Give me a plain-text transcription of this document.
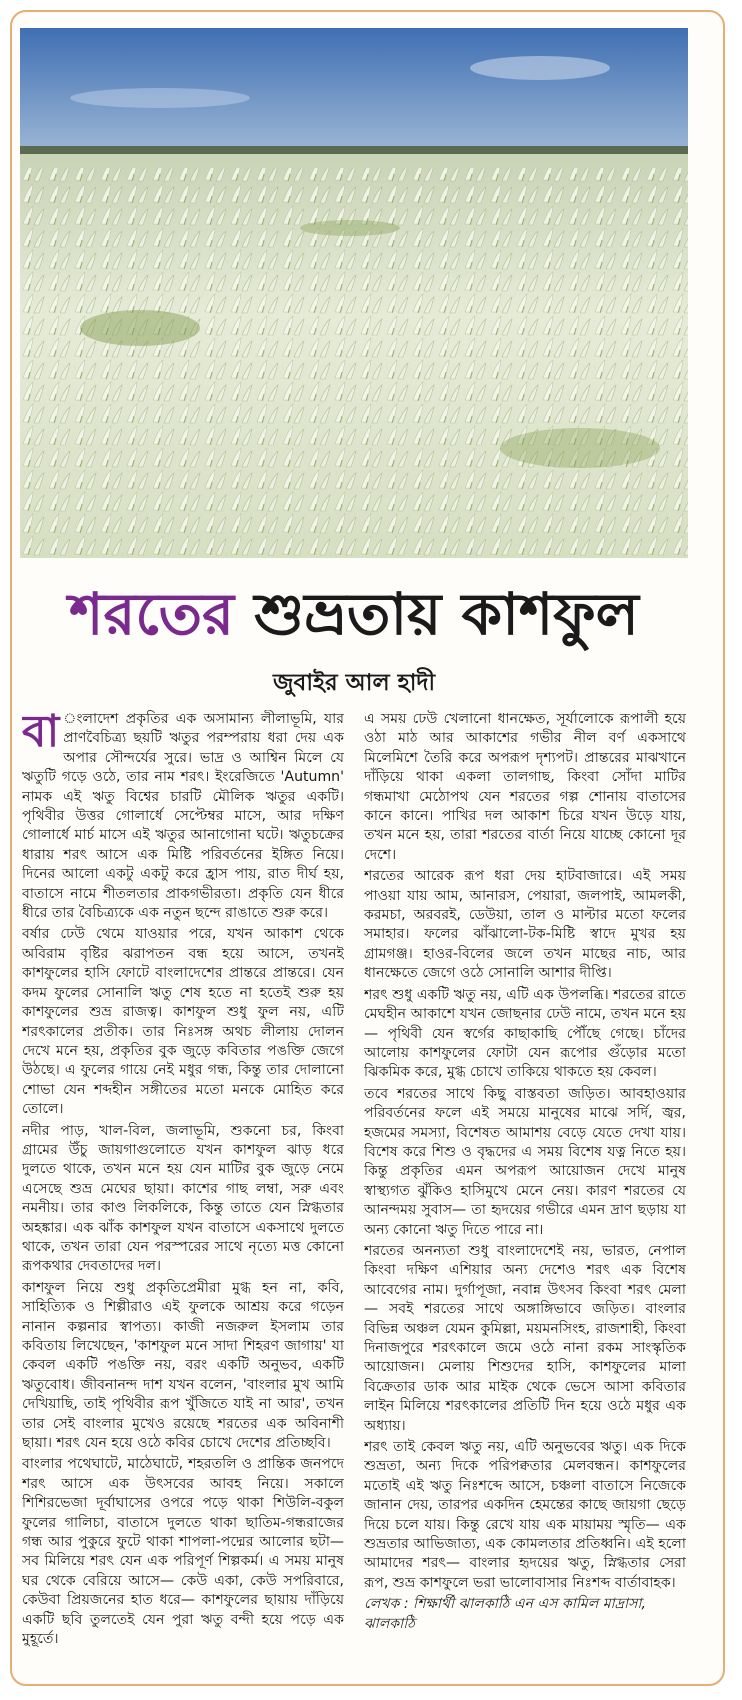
শরতের শুভ্রতায় কাশফুল
জুবাইর আল হাদী

বা ংলাদেশ প্রকৃতির এক অসামান্য লীলাভূমি, যার প্রাণবৈচিত্র্য ছয়টি ঋতুর পরম্পরায় ধরা দেয় এক অপার সৌন্দর্যের সুরে। ভাদ্র ও আশ্বিন মিলে যে ঋতুটি গড়ে ওঠে, তার নাম শরৎ। ইংরেজিতে 'Autumn' নামক এই ঋতু বিশ্বের চারটি মৌলিক ঋতুর একটি। পৃথিবীর উত্তর গোলার্ধে সেপ্টেম্বর মাসে, আর দক্ষিণ গোলার্ধে মার্চ মাসে এই ঋতুর আনাগোনা ঘটে। ঋতুচক্রের ধারায় শরৎ আসে এক মিষ্টি পরিবর্তনের ইঙ্গিত নিয়ে। দিনের আলো একটু একটু করে হ্রাস পায়, রাত দীর্ঘ হয়, বাতাসে নামে শীতলতার প্রাকগভীরতা। প্রকৃতি যেন ধীরে ধীরে তার বৈচিত্র্যকে এক নতুন ছন্দে রাঙাতে শুরু করে।

বর্ষার ঢেউ থেমে যাওয়ার পরে, যখন আকাশ থেকে অবিরাম বৃষ্টির ঝরাপতন বন্ধ হয়ে আসে, তখনই কাশফুলের হাসি ফোটে বাংলাদেশের প্রান্তরে প্রান্তরে। যেন কদম ফুলের সোনালি ঋতু শেষ হতে না হতেই শুরু হয় কাশফুলের শুভ্র রাজত্ব। কাশফুল শুধু ফুল নয়, এটি শরৎকালের প্রতীক। তার নিঃসঙ্গ অথচ লীলায় দোলন দেখে মনে হয়, প্রকৃতির বুক জুড়ে কবিতার পঙক্তি জেগে উঠছে। এ ফুলের গায়ে নেই মধুর গন্ধ, কিন্তু তার দোলানো শোভা যেন শব্দহীন সঙ্গীতের মতো মনকে মোহিত করে তোলে।

নদীর পাড়, খাল-বিল, জলাভূমি, শুকনো চর, কিংবা গ্রামের উঁচু জায়গাগুলোতে যখন কাশফুল ঝাড় ধরে দুলতে থাকে, তখন মনে হয় যেন মাটির বুক জুড়ে নেমে এসেছে শুভ্র মেঘের ছায়া। কাশের গাছ লম্বা, সরু এবং নমনীয়। তার কাণ্ড লিকলিকে, কিন্তু তাতে যেন স্নিগ্ধতার অহঙ্কার। এক ঝাঁক কাশফুল যখন বাতাসে একসাথে দুলতে থাকে, তখন তারা যেন পরস্পরের সাথে নৃত্যে মত্ত কোনো রূপকথার দেবতাদের দল।

কাশফুল নিয়ে শুধু প্রকৃতিপ্রেমীরা মুগ্ধ হন না, কবি, সাহিত্যিক ও শিল্পীরাও এই ফুলকে আশ্রয় করে গড়েন নানান কল্পনার স্বাপত্য। কাজী নজরুল ইসলাম তার কবিতায় লিখেছেন, 'কাশফুল মনে সাদা শিহরণ জাগায়' যা কেবল একটি পঙক্তি নয়, বরং একটি অনুভব, একটি ঋতুবোধ। জীবনানন্দ দাশ যখন বলেন, 'বাংলার মুখ আমি দেখিয়াছি, তাই পৃথিবীর রূপ খুঁজিতে যাই না আর', তখন তার সেই বাংলার মুখেও রয়েছে শরতের এক অবিনাশী ছায়া। শরৎ যেন হয়ে ওঠে কবির চোখে দেশের প্রতিচ্ছবি।

বাংলার পথেঘাটে, মাঠেঘাটে, শহরতলি ও প্রান্তিক জনপদে শরৎ আসে এক উৎসবের আবহ নিয়ে। সকালে শিশিরভেজা দূর্বাঘাসের ওপরে পড়ে থাকা শিউলি-বকুল ফুলের গালিচা, বাতাসে দুলতে থাকা ছাতিম-গন্ধরাজের গন্ধ আর পুকুরে ফুটে থাকা শাপলা-পদ্মের আলোর ছটা— সব মিলিয়ে শরৎ যেন এক পরিপূর্ণ শিল্পকর্ম। এ সময় মানুষ ঘর থেকে বেরিয়ে আসে— কেউ একা, কেউ সপরিবারে, কেউবা প্রিয়জনের হাত ধরে— কাশফুলের ছায়ায় দাঁড়িয়ে একটি ছবি তুলতেই যেন পুরা ঋতু বন্দী হয়ে পড়ে এক মুহূর্তে।

এ সময় ঢেউ খেলানো ধানক্ষেত, সূর্যালোকে রূপালী হয়ে ওঠা মাঠ আর আকাশের গভীর নীল বর্ণ একসাথে মিলেমিশে তৈরি করে অপরূপ দৃশ্যপট। প্রান্তরের মাঝখানে দাঁড়িয়ে থাকা একলা তালগাছ, কিংবা সোঁদা মাটির গন্ধমাখা মেঠোপথ যেন শরতের গল্প শোনায় বাতাসের কানে কানে। পাখির দল আকাশ চিরে যখন উড়ে যায়, তখন মনে হয়, তারা শরতের বার্তা নিয়ে যাচ্ছে কোনো দূর দেশে।

শরতের আরেক রূপ ধরা দেয় হাটবাজারে। এই সময় পাওয়া যায় আম, আনারস, পেয়ারা, জলপাই, আমলকী, করমচা, অরবরই, ডেউয়া, তাল ও মাল্টার মতো ফলের সমাহার। ফলের ঝাঁঝালো-টক-মিষ্টি স্বাদে মুখর হয় গ্রামগঞ্জ। হাওর-বিলের জলে তখন মাছের নাচ, আর ধানক্ষেতে জেগে ওঠে সোনালি আশার দীপ্তি।

শরৎ শুধু একটি ঋতু নয়, এটি এক উপলব্ধি। শরতের রাতে মেঘহীন আকাশে যখন জোছনার ঢেউ নামে, তখন মনে হয়— পৃথিবী যেন স্বর্গের কাছাকাছি পৌঁছে গেছে। চাঁদের আলোয় কাশফুলের ফোটা যেন রূপোর গুঁড়োর মতো ঝিকমিক করে, মুগ্ধ চোখে তাকিয়ে থাকতে হয় কেবল।

তবে শরতের সাথে কিছু বাস্তবতা জড়িত। আবহাওয়ার পরিবর্তনের ফলে এই সময়ে মানুষের মাঝে সর্দি, জ্বর, হজমের সমস্যা, বিশেষত আমাশয় বেড়ে যেতে দেখা যায়। বিশেষ করে শিশু ও বৃদ্ধদের এ সময় বিশেষ যত্ন নিতে হয়। কিন্তু প্রকৃতির এমন অপরূপ আয়োজন দেখে মানুষ স্বাস্থ্যগত ঝুঁকিও হাসিমুখে মেনে নেয়। কারণ শরতের যে আনন্দময় সুবাস— তা হৃদয়ের গভীরে এমন দ্রাণ ছড়ায় যা অন্য কোনো ঋতু দিতে পারে না।

শরতের অনন্যতা শুধু বাংলাদেশেই নয়, ভারত, নেপাল কিংবা দক্ষিণ এশিয়ার অন্য দেশেও শরৎ এক বিশেষ আবেগের নাম। দুর্গাপূজা, নবান্ন উৎসব কিংবা শরৎ মেলা— সবই শরতের সাথে অঙ্গাঙ্গিভাবে জড়িত। বাংলার বিভিন্ন অঞ্চল যেমন কুমিল্লা, ময়মনসিংহ, রাজশাহী, কিংবা দিনাজপুরে শরৎকালে জমে ওঠে নানা রকম সাংস্কৃতিক আয়োজন। মেলায় শিশুদের হাসি, কাশফুলের মালা বিক্রেতার ডাক আর মাইক থেকে ভেসে আসা কবিতার লাইন মিলিয়ে শরৎকালের প্রতিটি দিন হয়ে ওঠে মধুর এক অধ্যায়।

শরৎ তাই কেবল ঋতু নয়, এটি অনুভবের ঋতু। এক দিকে শুভ্রতা, অন্য দিকে পরিপক্বতার মেলবন্ধন। কাশফুলের মতোই এই ঋতু নিঃশব্দে আসে, চঞ্চলা বাতাসে নিজেকে জানান দেয়, তারপর একদিন হেমন্তের কাছে জায়গা ছেড়ে দিয়ে চলে যায়। কিন্তু রেখে যায় এক মায়াময় স্মৃতি— এক শুভ্রতার আভিজাত্য, এক কোমলতার প্রতিধ্বনি। এই হলো আমাদের শরৎ— বাংলার হৃদয়ের ঋতু, স্নিগ্ধতার সেরা রূপ, শুভ্র কাশফুলে ভরা ভালোবাসার নিঃশব্দ বার্তাবাহক।

লেখক : শিক্ষার্থী ঝালকাঠি এন এস কামিল মাদ্রাসা, ঝালকাঠি
